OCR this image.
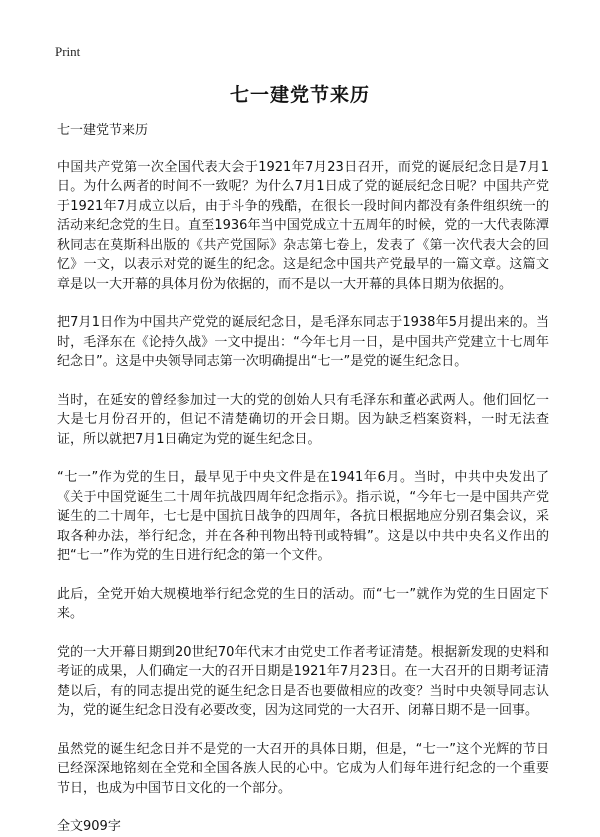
Print
七一建党节来历

七一建党节来历

中国共产党第一次全国代表大会于1921年7月23日召开，而党的诞辰纪念日是7月1日。为什么两者的时间不一致呢？为什么7月1日成了党的诞辰纪念日呢？中国共产党于1921年7月成立以后，由于斗争的残酷，在很长一段时间内都没有条件组织统一的活动来纪念党的生日。直至1936年当中国党成立十五周年的时候，党的一大代表陈潭秋同志在莫斯科出版的《共产党国际》杂志第七卷上，发表了《第一次代表大会的回忆》一文，以表示对党的诞生的纪念。这是纪念中国共产党最早的一篇文章。这篇文章是以一大开幕的具体月份为依据的，而不是以一大开幕的具体日期为依据的。

把7月1日作为中国共产党党的诞辰纪念日，是毛泽东同志于1938年5月提出来的。当时，毛泽东在《论持久战》一文中提出：“今年七月一日，是中国共产党建立十七周年纪念日”。这是中央领导同志第一次明确提出“七一”是党的诞生纪念日。

当时，在延安的曾经参加过一大的党的创始人只有毛泽东和董必武两人。他们回忆一大是七月份召开的，但记不清楚确切的开会日期。因为缺乏档案资料，一时无法查证，所以就把7月1日确定为党的诞生纪念日。

“七一”作为党的生日，最早见于中央文件是在1941年6月。当时，中共中央发出了《关于中国党诞生二十周年抗战四周年纪念指示》。指示说，“今年七一是中国共产党诞生的二十周年，七七是中国抗日战争的四周年，各抗日根据地应分别召集会议，采取各种办法，举行纪念，并在各种刊物出特刊或特辑”。这是以中共中央名义作出的把“七一”作为党的生日进行纪念的第一个文件。

此后，全党开始大规模地举行纪念党的生日的活动。而“七一”就作为党的生日固定下来。

党的一大开幕日期到20世纪70年代末才由党史工作者考证清楚。根据新发现的史料和考证的成果，人们确定一大的召开日期是1921年7月23日。在一大召开的日期考证清楚以后，有的同志提出党的诞生纪念日是否也要做相应的改变？当时中央领导同志认为，党的诞生纪念日没有必要改变，因为这同党的一大召开、闭幕日期不是一回事。

虽然党的诞生纪念日并不是党的一大召开的具体日期，但是，“七一”这个光辉的节日已经深深地铭刻在全党和全国各族人民的心中。它成为人们每年进行纪念的一个重要节日，也成为中国节日文化的一个部分。

全文909字
